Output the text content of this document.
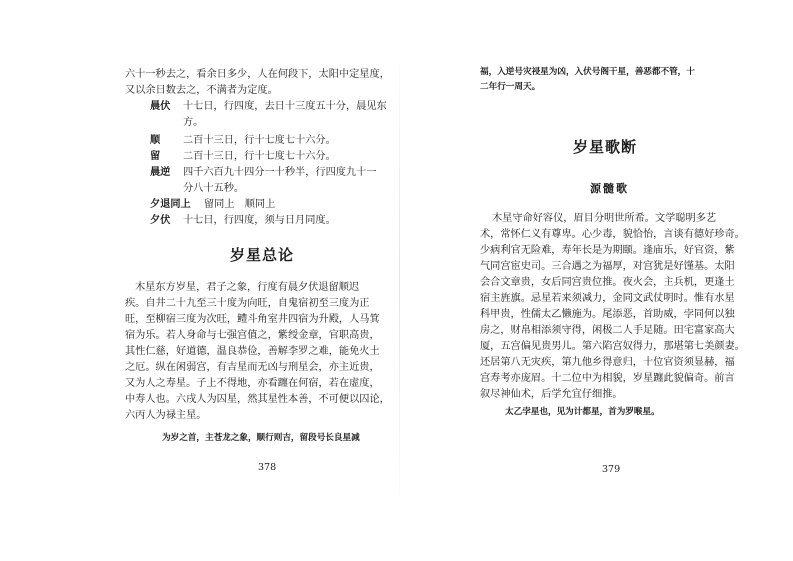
六十一秒去之，看余日多少，人在何段下，太阳中定星度，
又以余日数去之，不满者为定度。
晨伏 十七日，行四度，去日十三度五十分，晨见东
方。
顺 二百十三日，行十七度七十六分。
留 二百十三日，行十七度七十六分。
晨逆 四千六百九十四分一十秒半，行四度九十一
分八十五秒。
夕退同上 留同上　顺同上
夕伏 十七日，行四度，须与日月同度。
岁星总论
木星东方岁星，君子之象，行度有晨夕伏退留顺迟
疾。自井二十九至三十度为向旺，自鬼宿初至三度为正
旺，至柳宿三度为次旺，鳢斗角室井四宿为升殿，人马箕
宿为乐。若人身命与七强宫值之，紫绶金章，官职高贵，
其性仁慈，好道德，温良恭俭，善解李罗之难，能免火土
之厄。纵在闲弱宫，有吉星而无凶与刑星会，亦主近贵，
又为人之寿星。子上不得地，亦看躔在何宿，若在虚度，
中寿人也。六戌人为囚星，然其星性本善，不可便以囚论，
六丙人为禄主星。
为岁之首，主苍龙之象，顺行则吉，留段号长良星减
378
福，入逆号灾祲星为凶，入伏号阁干星，善恶都不管，十
二年行一周天。
岁星歌断
源髓歌
木星守命好容仪，眉目分明世所希。文学聪明多艺
术，常怀仁义有尊卑。心少毒，貌恰怡，言谈有德好珍奇。
少病利官无险难，寿年长是为期颐。逢庙乐，好官资，紫
气同宫宦史司。三合遇之为福厚，对宫犹是好馑基。太阳
会合文章贵，女后同宫贵位推。夜火会，主兵机，更逢土
宿主旌旗。忌星若来须减力，金同文武仗明时。惟有水星
科甲贵，性儒太乙懒施为。尾添恶，首助威，孛同何以独
房之，财帛相添须守得，闲极二人手足随。田宅富家高大
厦，五宫偏见贵男儿。第六陷宫奴得力，那堪第七美颜妻。
还居第八无灾疾，第九他乡得意归，十位官资须显赫，福
宫寿考亦庞眉。十二位中为相貌，岁星躔此貌偏奇。前言
叙尽神仙术，后学允宜仔细推。
太乙孛星也，见为计都星，首为罗喉星。
379
